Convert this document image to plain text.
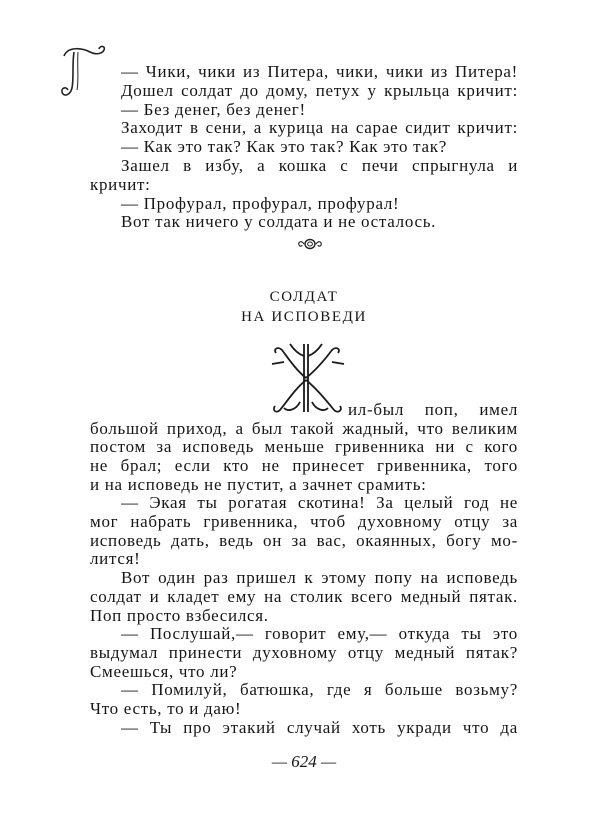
— Чики, чики из Питера, чики, чики из Питера!
Дошел солдат до дому, петух у крыльца кричит:
— Без денег, без денег!
Заходит в сени, а курица на сарае сидит кричит:
— Как это так? Как это так? Как это так?
Зашел в избу, а кошка с печи спрыгнула и
кричит:
— Профурал, профурал, профурал!
Вот так ничего у солдата и не осталось.
СОЛДАТ
НА ИСПОВЕДИ
ил-был поп, имел
большой приход, а был такой жадный, что великим
постом за исповедь меньше гривенника ни с кого
не брал; если кто не принесет гривенника, того
и на исповедь не пустит, а зачнет срамить:
— Экая ты рогатая скотина! За целый год не
мог набрать гривенника, чтоб духовному отцу за
исповедь дать, ведь он за вас, окаянных, богу мо-
лится!
Вот один раз пришел к этому попу на исповедь
солдат и кладет ему на столик всего медный пятак.
Поп просто взбесился.
— Послушай,— говорит ему,— откуда ты это
выдумал принести духовному отцу медный пятак?
Смеешься, что ли?
— Помилуй, батюшка, где я больше возьму?
Что есть, то и даю!
— Ты про этакий случай хоть укради что да
— 624 —
